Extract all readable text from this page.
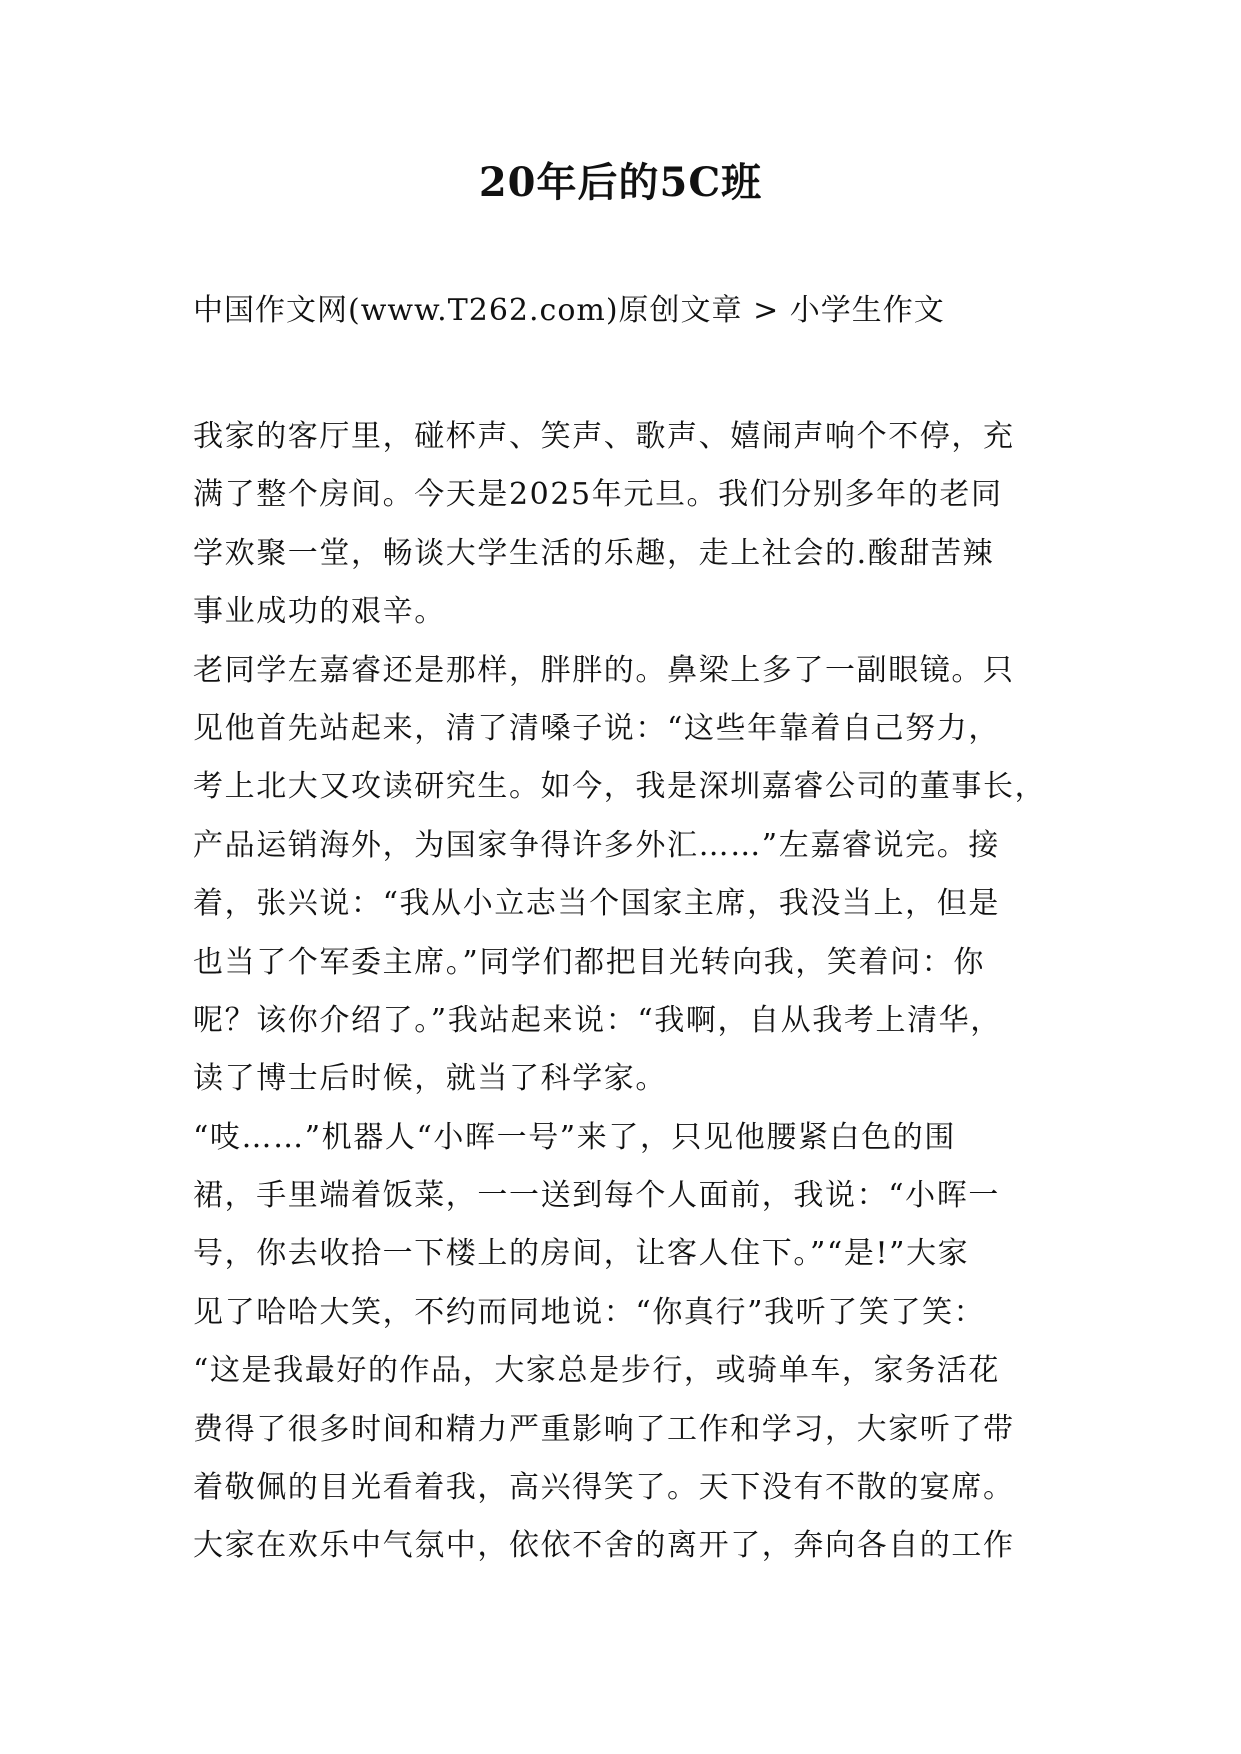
20年后的5C班

中国作文网(www.T262.com)原创文章 > 小学生作文

我家的客厅里，碰杯声、笑声、歌声、嬉闹声响个不停，充
满了整个房间。今天是2025年元旦。我们分别多年的老同
学欢聚一堂，畅谈大学生活的乐趣，走上社会的.酸甜苦辣
事业成功的艰辛。
老同学左嘉睿还是那样，胖胖的。鼻梁上多了一副眼镜。只
见他首先站起来，清了清嗓子说：“这些年靠着自己努力，
考上北大又攻读研究生。如今，我是深圳嘉睿公司的董事长，
产品运销海外，为国家争得许多外汇……”左嘉睿说完。接
着，张兴说：“我从小立志当个国家主席，我没当上，但是
也当了个军委主席。”同学们都把目光转向我，笑着问：你
呢？该你介绍了。”我站起来说：“我啊，自从我考上清华，
读了博士后时候，就当了科学家。
“吱……”机器人“小晖一号”来了，只见他腰紧白色的围
裙，手里端着饭菜，一一送到每个人面前，我说：“小晖一
号，你去收拾一下楼上的房间，让客人住下。”“是!”大家
见了哈哈大笑，不约而同地说：“你真行”我听了笑了笑：
“这是我最好的作品，大家总是步行，或骑单车，家务活花
费得了很多时间和精力严重影响了工作和学习，大家听了带
着敬佩的目光看着我，高兴得笑了。天下没有不散的宴席。
大家在欢乐中气氛中，依依不舍的离开了，奔向各自的工作
